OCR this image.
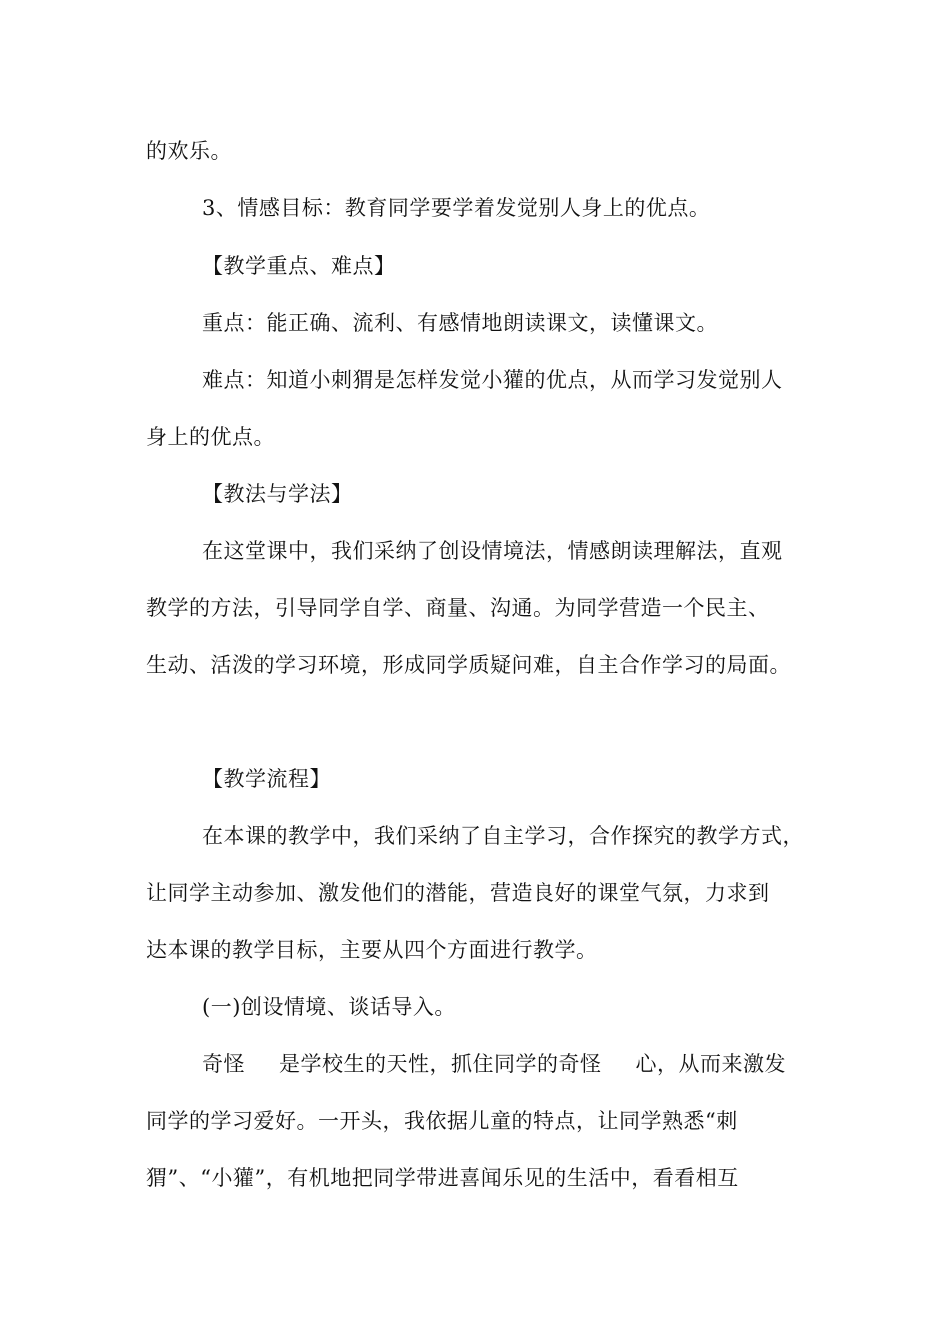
的欢乐。
3、情感目标：教育同学要学着发觉别人身上的优点。
【教学重点、难点】
重点：能正确、流利、有感情地朗读课文，读懂课文。
难点：知道小刺猬是怎样发觉小獾的优点，从而学习发觉别人
身上的优点。
【教法与学法】
在这堂课中，我们采纳了创设情境法，情感朗读理解法，直观
教学的方法，引导同学自学、商量、沟通。为同学营造一个民主、
生动、活泼的学习环境，形成同学质疑问难，自主合作学习的局面。
【教学流程】
在本课的教学中，我们采纳了自主学习，合作探究的教学方式，
让同学主动参加、激发他们的潜能，营造良好的课堂气氛，力求到
达本课的教学目标，主要从四个方面进行教学。
(一)创设情境、谈话导入。
奇怪 是学校生的天性，抓住同学的奇怪 心，从而来激发
同学的学习爱好。一开头，我依据儿童的特点，让同学熟悉“刺
猬”、“小獾”，有机地把同学带进喜闻乐见的生活中，看看相互
